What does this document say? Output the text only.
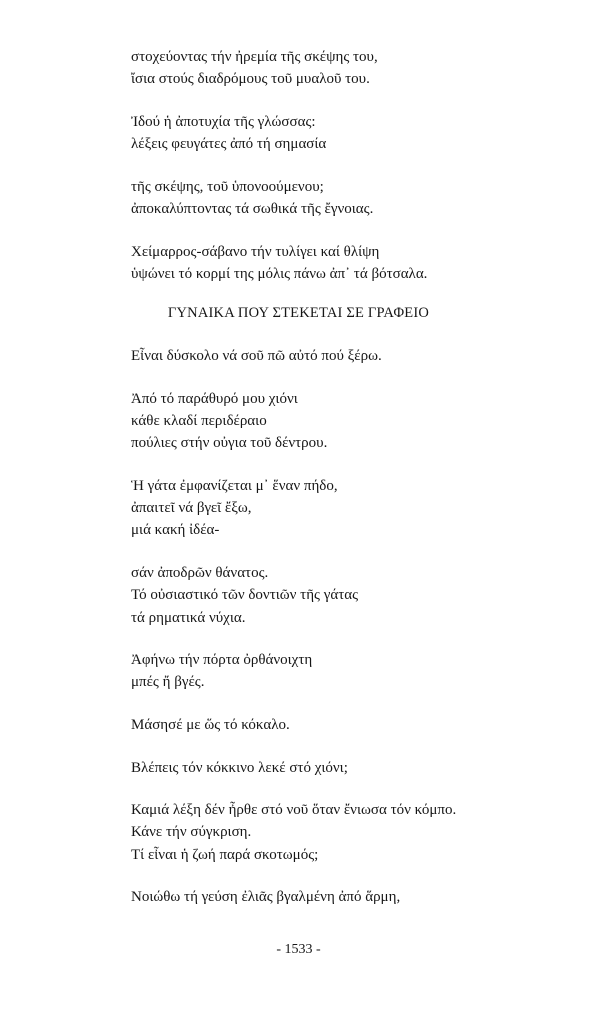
στοχεύοντας τήν ἠρεμία τῆς σκέψης του,
ἴσια στούς διαδρόμους τοῦ μυαλοῦ του.
Ἰδού ἡ ἀποτυχία τῆς γλώσσας:
λέξεις φευγάτες ἀπό τή σημασία
τῆς σκέψης, τοῦ ὑπονοούμενου;
ἀποκαλύπτοντας τά σωθικά τῆς ἔγνοιας.
Χείμαρρος-σάβανο τήν τυλίγει καί θλίψη
ὑψώνει τό κορμί της μόλις πάνω ἀπ᾽ τά βότσαλα.
ΓΥΝΑΙΚΑ ΠΟΥ ΣΤΕΚΕΤΑΙ ΣΕ ΓΡΑΦΕΙΟ
Εἶναι δύσκολο νά σοῦ πῶ αὐτό πού ξέρω.
Ἀπό τό παράθυρό μου χιόνι
κάθε κλαδί περιδέραιο
πούλιες στήν οὐγια τοῦ δέντρου.
Ἡ γάτα ἐμφανίζεται μ᾽ ἕναν πήδο,
ἀπαιτεῖ νά βγεῖ ἔξω,
μιά κακή ἰδέα-
σάν ἀποδρῶν θάνατος.
Τό οὐσιαστικό τῶν δοντιῶν τῆς γάτας
τά ρηματικά νύχια.
Ἀφήνω τήν πόρτα ὀρθάνοιχτη
μπές ἤ βγές.
Μάσησέ με ὥς τό κόκαλο.
Βλέπεις τόν κόκκινο λεκέ στό χιόνι;
Καμιά λέξη δέν ἦρθε στό νοῦ ὅταν ἔνιωσα τόν κόμπο.
Κάνε τήν σύγκριση.
Τί εἶναι ἡ ζωή παρά σκοτωμός;
Νοιώθω τή γεύση ἐλιᾶς βγαλμένη ἀπό ἅρμη,
- 1533 -
